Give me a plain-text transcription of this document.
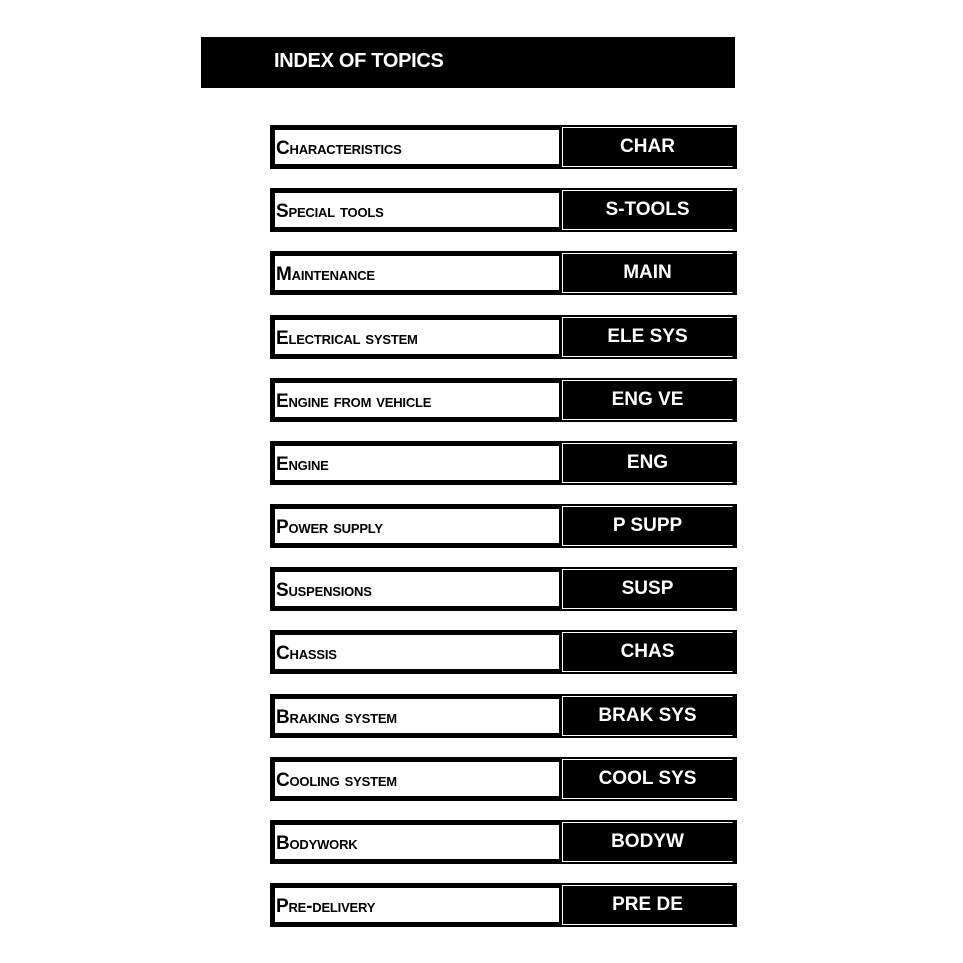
INDEX OF TOPICS
Characteristics	CHAR
Special tools	S-TOOLS
Maintenance	MAIN
Electrical system	ELE SYS
Engine from vehicle	ENG VE
Engine	ENG
Power supply	P SUPP
Suspensions	SUSP
Chassis	CHAS
Braking system	BRAK SYS
Cooling system	COOL SYS
Bodywork	BODYW
Pre-delivery	PRE DE
